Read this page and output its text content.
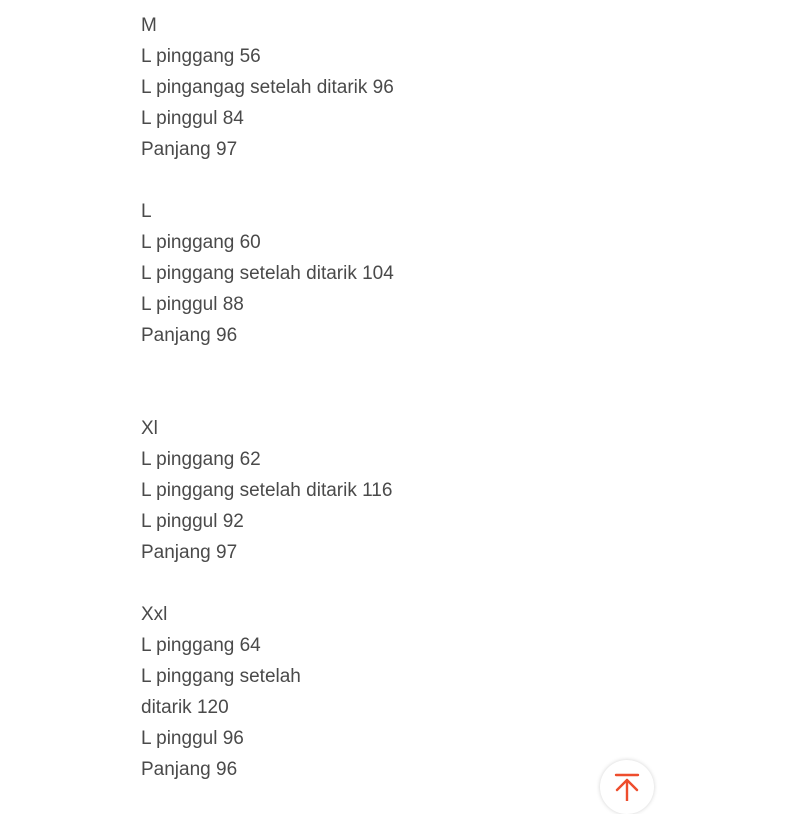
M
L pinggang 56
L pingangag setelah ditarik 96
L pinggul 84
Panjang 97
L
L pinggang 60
L pinggang setelah ditarik 104
L pinggul 88
Panjang 96
Xl
L pinggang 62
L pinggang setelah ditarik 116
L pinggul 92
Panjang 97
Xxl
L pinggang 64
L pinggang setelah
ditarik 120
L pinggul 96
Panjang 96
